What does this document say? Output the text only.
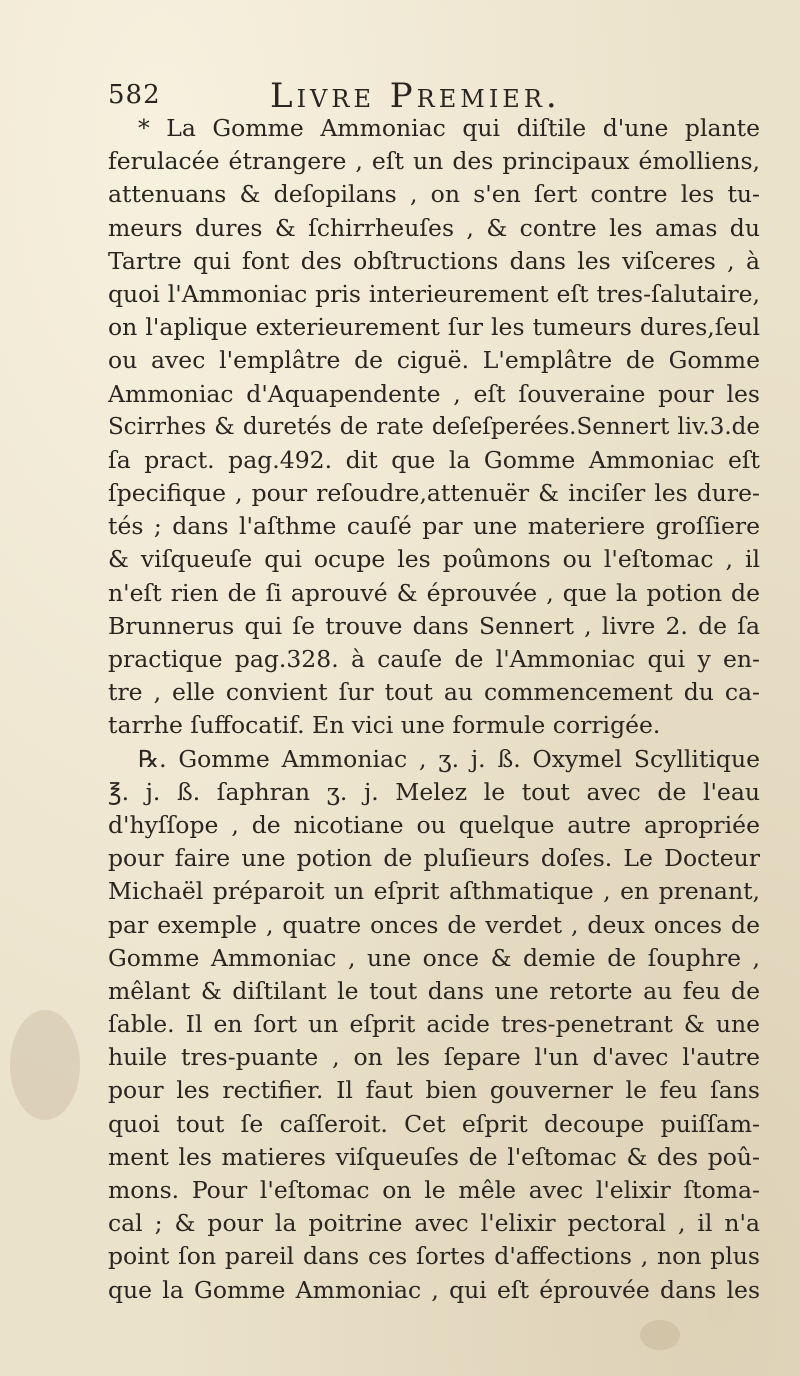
582	Livre Premier.
* La Gomme Ammoniac qui diſtile d'une plante
ferulacée étrangere , eſt un des principaux émolliens,
attenuans & deſopilans , on s'en ſert contre les tu-
meurs dures & ſchirrheuſes , & contre les amas du
Tartre qui font des obſtructions dans les viſceres , à
quoi l'Ammoniac pris interieurement eſt tres-ſalutaire,
on l'aplique exterieurement ſur les tumeurs dures,ſeul
ou avec l'emplâtre de ciguë. L'emplâtre de Gomme
Ammoniac d'Aquapendente , eſt ſouveraine pour les
Scirrhes & duretés de rate deſeſperées.Sennert liv.3.de
ſa pract. pag.492. dit que la Gomme Ammoniac eſt
ſpecifique , pour reſoudre,attenuër & inciſer les dure-
tés ; dans l'aſthme cauſé par une materiere groſſiere
& viſqueuſe qui ocupe les poûmons ou l'eſtomac , il
n'eſt rien de ſi aprouvé & éprouvée , que la potion de
Brunnerus qui ſe trouve dans Sennert , livre 2. de ſa
practique pag.328. à cauſe de l'Ammoniac qui y en-
tre , elle convient ſur tout au commencement du ca-
tarrhe ſuffocatif. En vici une formule corrigée.
℞. Gomme Ammoniac , ʒ. j. ß. Oxymel Scyllitique
℥. j. ß. ſaphran ʒ. j. Melez le tout avec de l'eau
d'hyſſope , de nicotiane ou quelque autre apropriée
pour faire une potion de pluſieurs doſes. Le Docteur
Michaël préparoit un eſprit aſthmatique , en prenant,
par exemple , quatre onces de verdet , deux onces de
Gomme Ammoniac , une once & demie de ſouphre ,
mêlant & diſtilant le tout dans une retorte au feu de
ſable. Il en ſort un eſprit acide tres-penetrant & une
huile tres-puante , on les ſepare l'un d'avec l'autre
pour les rectifier. Il faut bien gouverner le feu ſans
quoi tout ſe caſſeroit. Cet eſprit decoupe puiſſam-
ment les matieres viſqueuſes de l'eſtomac & des poû-
mons. Pour l'eſtomac on le mêle avec l'elixir ſtoma-
cal ; & pour la poitrine avec l'elixir pectoral , il n'a
point ſon pareil dans ces ſortes d'affections , non plus
que la Gomme Ammoniac , qui eſt éprouvée dans les
